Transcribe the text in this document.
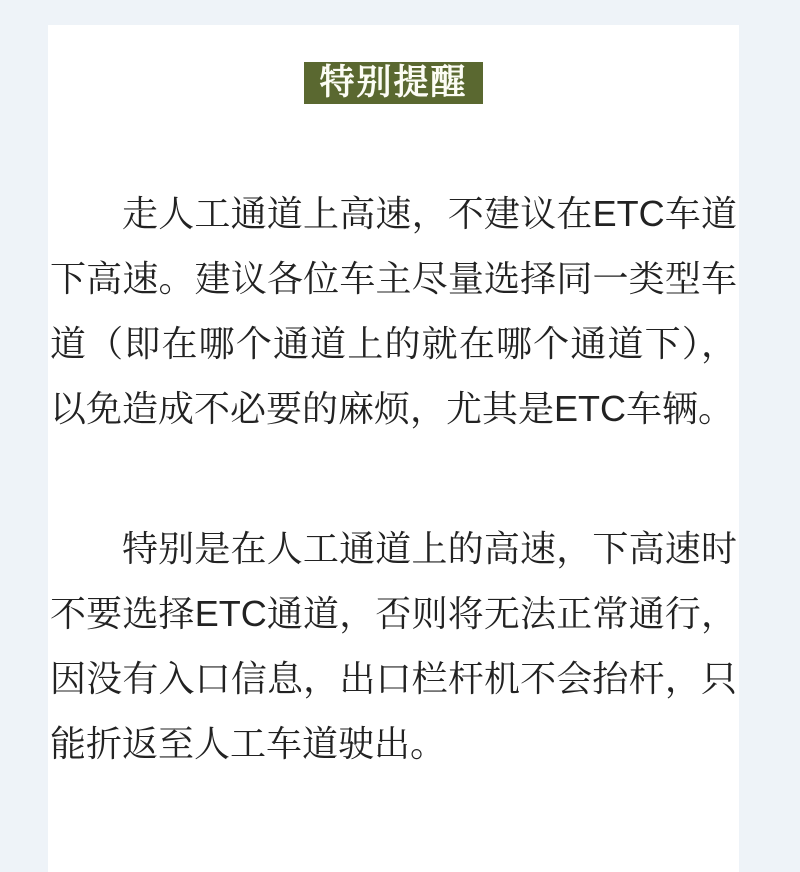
特别提醒

走人工通道上高速，不建议在ETC车道下高速。建议各位车主尽量选择同一类型车道（即在哪个通道上的就在哪个通道下），以免造成不必要的麻烦，尤其是ETC车辆。

特别是在人工通道上的高速，下高速时不要选择ETC通道，否则将无法正常通行，因没有入口信息，出口栏杆机不会抬杆，只能折返至人工车道驶出。
